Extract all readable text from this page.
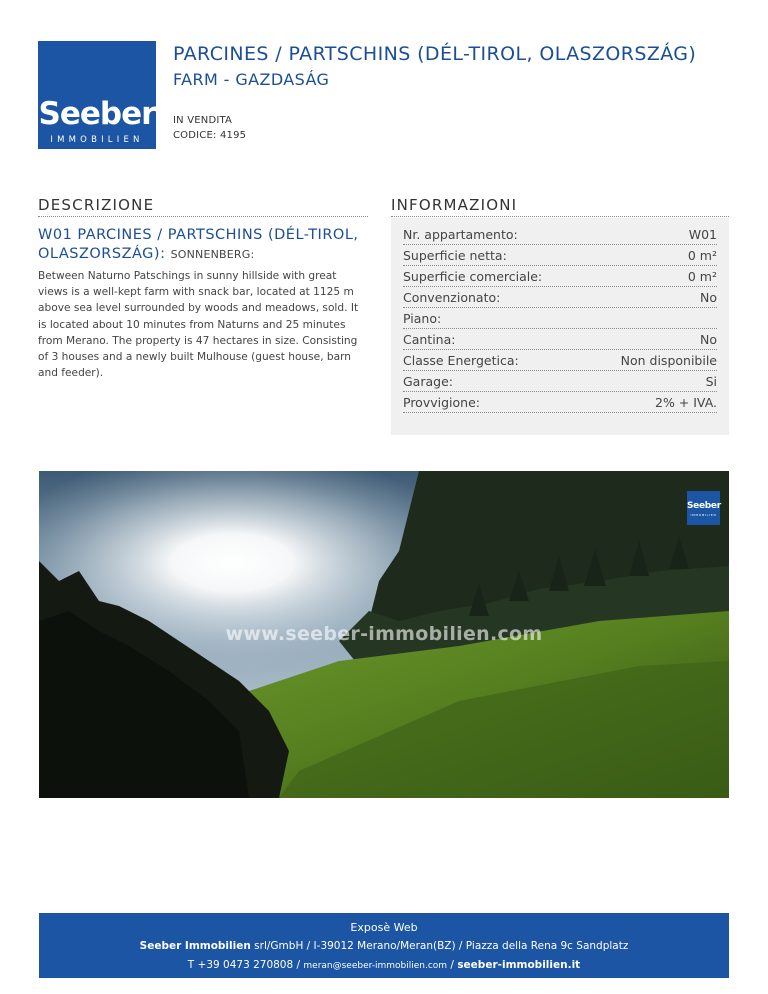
Seeber
IMMOBILIEN
PARCINES / PARTSCHINS (DÉL-TIROL, OLASZORSZÁG)
FARM - GAZDASÁG
IN VENDITA
CODICE: 4195
DESCRIZIONE
W01 PARCINES / PARTSCHINS (DÉL-TIROL, OLASZORSZÁG): SONNENBERG:
Between Naturno Patschings in sunny hillside with great views is a well-kept farm with snack bar, located at 1125 m above sea level surrounded by woods and meadows, sold. It is located about 10 minutes from Naturns and 25 minutes from Merano. The property is 47 hectares in size. Consisting of 3 houses and a newly built Mulhouse (guest house, barn and feeder).
INFORMAZIONI
Nr. appartamento:	W01
Superficie netta:	0 m²
Superficie comerciale:	0 m²
Convenzionato:	No
Piano:
Cantina:	No
Classe Energetica:	Non disponibile
Garage:	Si
Provvigione:	2% + IVA.
www.seeber-immobilien.com
Seeber
IMMOBILIEN
Exposè Web
Seeber Immobilien srl/GmbH / I-39012 Merano/Meran(BZ) / Piazza della Rena 9c Sandplatz
T +39 0473 270808 / meran@seeber-immobilien.com / seeber-immobilien.it
